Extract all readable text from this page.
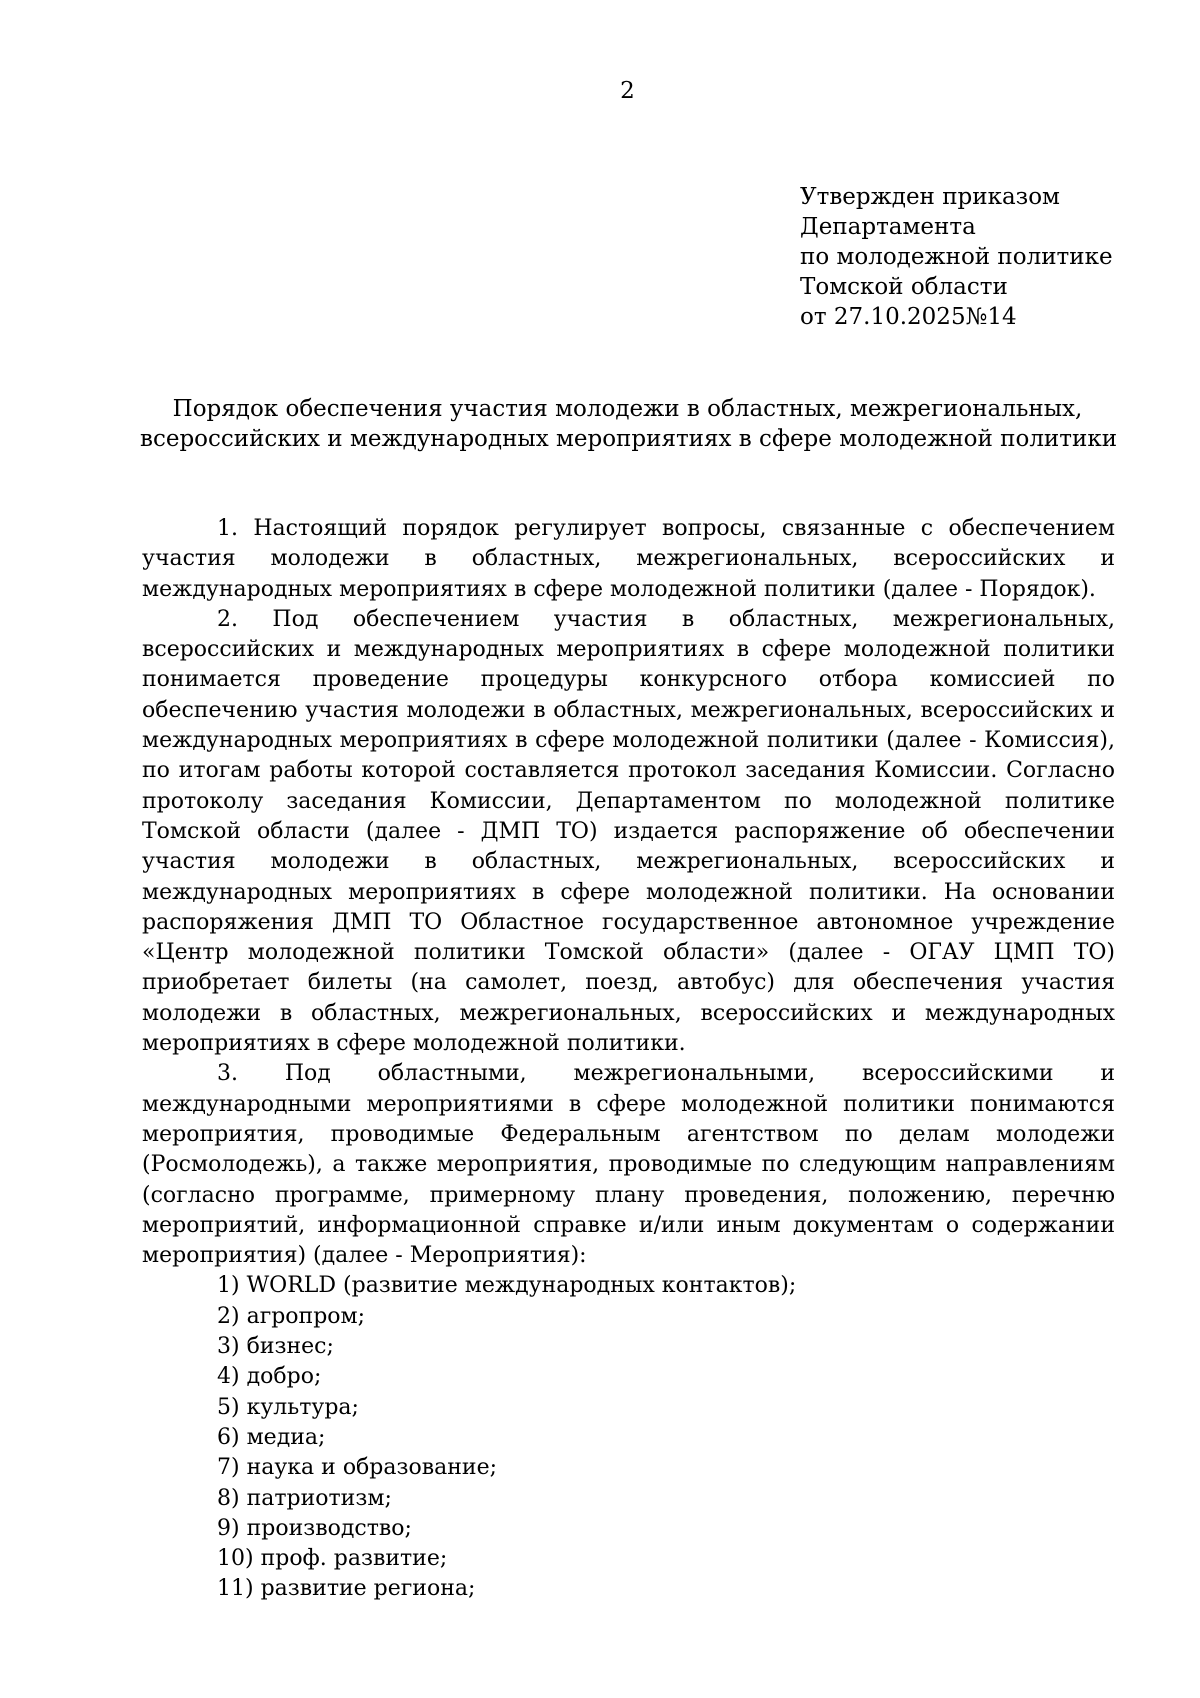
2
Утвержден приказом
Департамента
по молодежной политике
Томской области
от 27.10.2025№14
Порядок обеспечения участия молодежи в областных, межрегиональных,
всероссийских и международных мероприятиях в сфере молодежной политики

1. Настоящий порядок регулирует вопросы, связанные с обеспечением участия молодежи в областных, межрегиональных, всероссийских и международных мероприятиях в сфере молодежной политики (далее - Порядок).

2. Под обеспечением участия в областных, межрегиональных, всероссийских и международных мероприятиях в сфере молодежной политики понимается проведение процедуры конкурсного отбора комиссией по обеспечению участия молодежи в областных, межрегиональных, всероссийских и международных мероприятиях в сфере молодежной политики (далее - Комиссия), по итогам работы которой составляется протокол заседания Комиссии. Согласно протоколу заседания Комиссии, Департаментом по молодежной политике Томской области (далее - ДМП ТО) издается распоряжение об обеспечении участия молодежи в областных, межрегиональных, всероссийских и международных мероприятиях в сфере молодежной политики. На основании распоряжения ДМП ТО Областное государственное автономное учреждение «Центр молодежной политики Томской области» (далее - ОГАУ ЦМП ТО) приобретает билеты (на самолет, поезд, автобус) для обеспечения участия молодежи в областных, межрегиональных, всероссийских и международных мероприятиях в сфере молодежной политики.

3. Под областными, межрегиональными, всероссийскими и международными мероприятиями в сфере молодежной политики понимаются мероприятия, проводимые Федеральным агентством по делам молодежи (Росмолодежь), а также мероприятия, проводимые по следующим направлениям (согласно программе, примерному плану проведения, положению, перечню мероприятий, информационной справке и/или иным документам о содержании мероприятия) (далее - Мероприятия):

1) WORLD (развитие международных контактов);
2) агропром;
3) бизнес;
4) добро;
5) культура;
6) медиа;
7) наука и образование;
8) патриотизм;
9) производство;
10) проф. развитие;
11) развитие региона;
